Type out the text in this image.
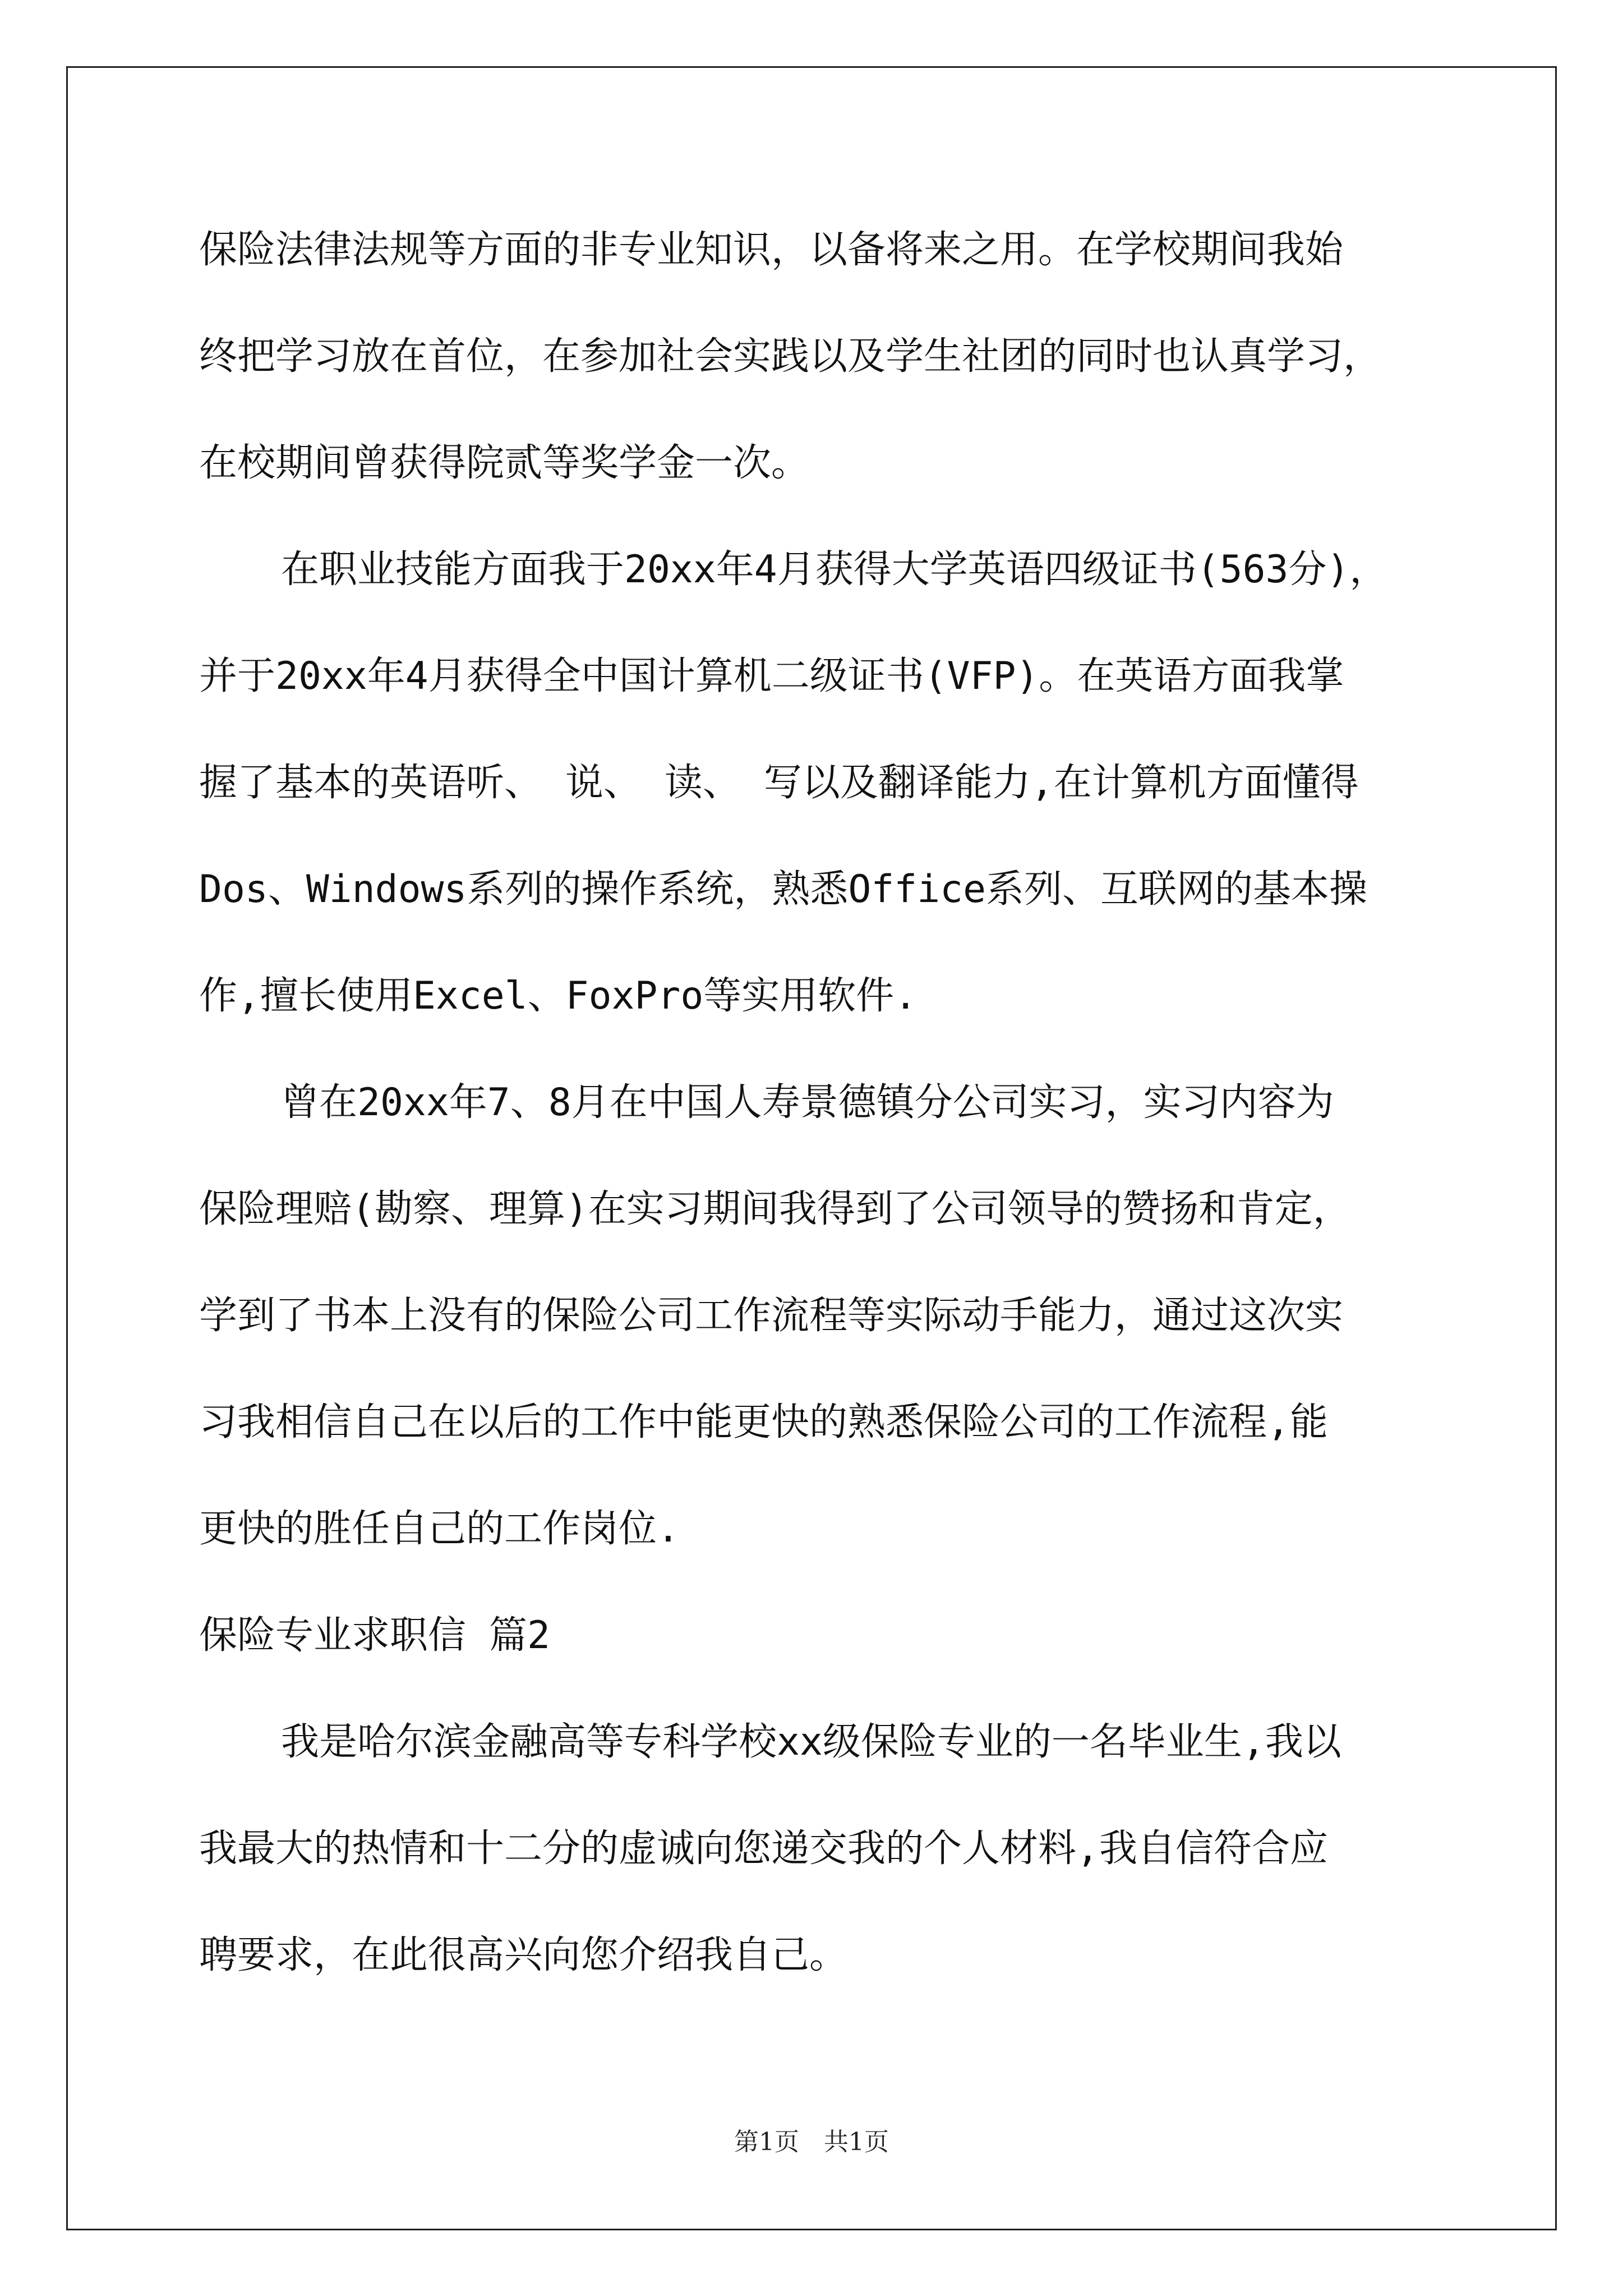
保险法律法规等方面的非专业知识，以备将来之用。在学校期间我始
终把学习放在首位，在参加社会实践以及学生社团的同时也认真学习，
在校期间曾获得院贰等奖学金一次。
在职业技能方面我于20xx年4月获得大学英语四级证书(563分)，
并于20xx年4月获得全中国计算机二级证书(VFP)。在英语方面我掌
握了基本的英语听、 说、 读、 写以及翻译能力,在计算机方面懂得
Dos、Windows系列的操作系统，熟悉Office系列、互联网的基本操
作,擅长使用Excel、FoxPro等实用软件.
曾在20xx年7、8月在中国人寿景德镇分公司实习，实习内容为
保险理赔(勘察、理算)在实习期间我得到了公司领导的赞扬和肯定，
学到了书本上没有的保险公司工作流程等实际动手能力，通过这次实
习我相信自己在以后的工作中能更快的熟悉保险公司的工作流程,能
更快的胜任自己的工作岗位.
保险专业求职信 篇2
我是哈尔滨金融高等专科学校xx级保险专业的一名毕业生,我以
我最大的热情和十二分的虚诚向您递交我的个人材料,我自信符合应
聘要求，在此很高兴向您介绍我自己。
第1页　共1页
